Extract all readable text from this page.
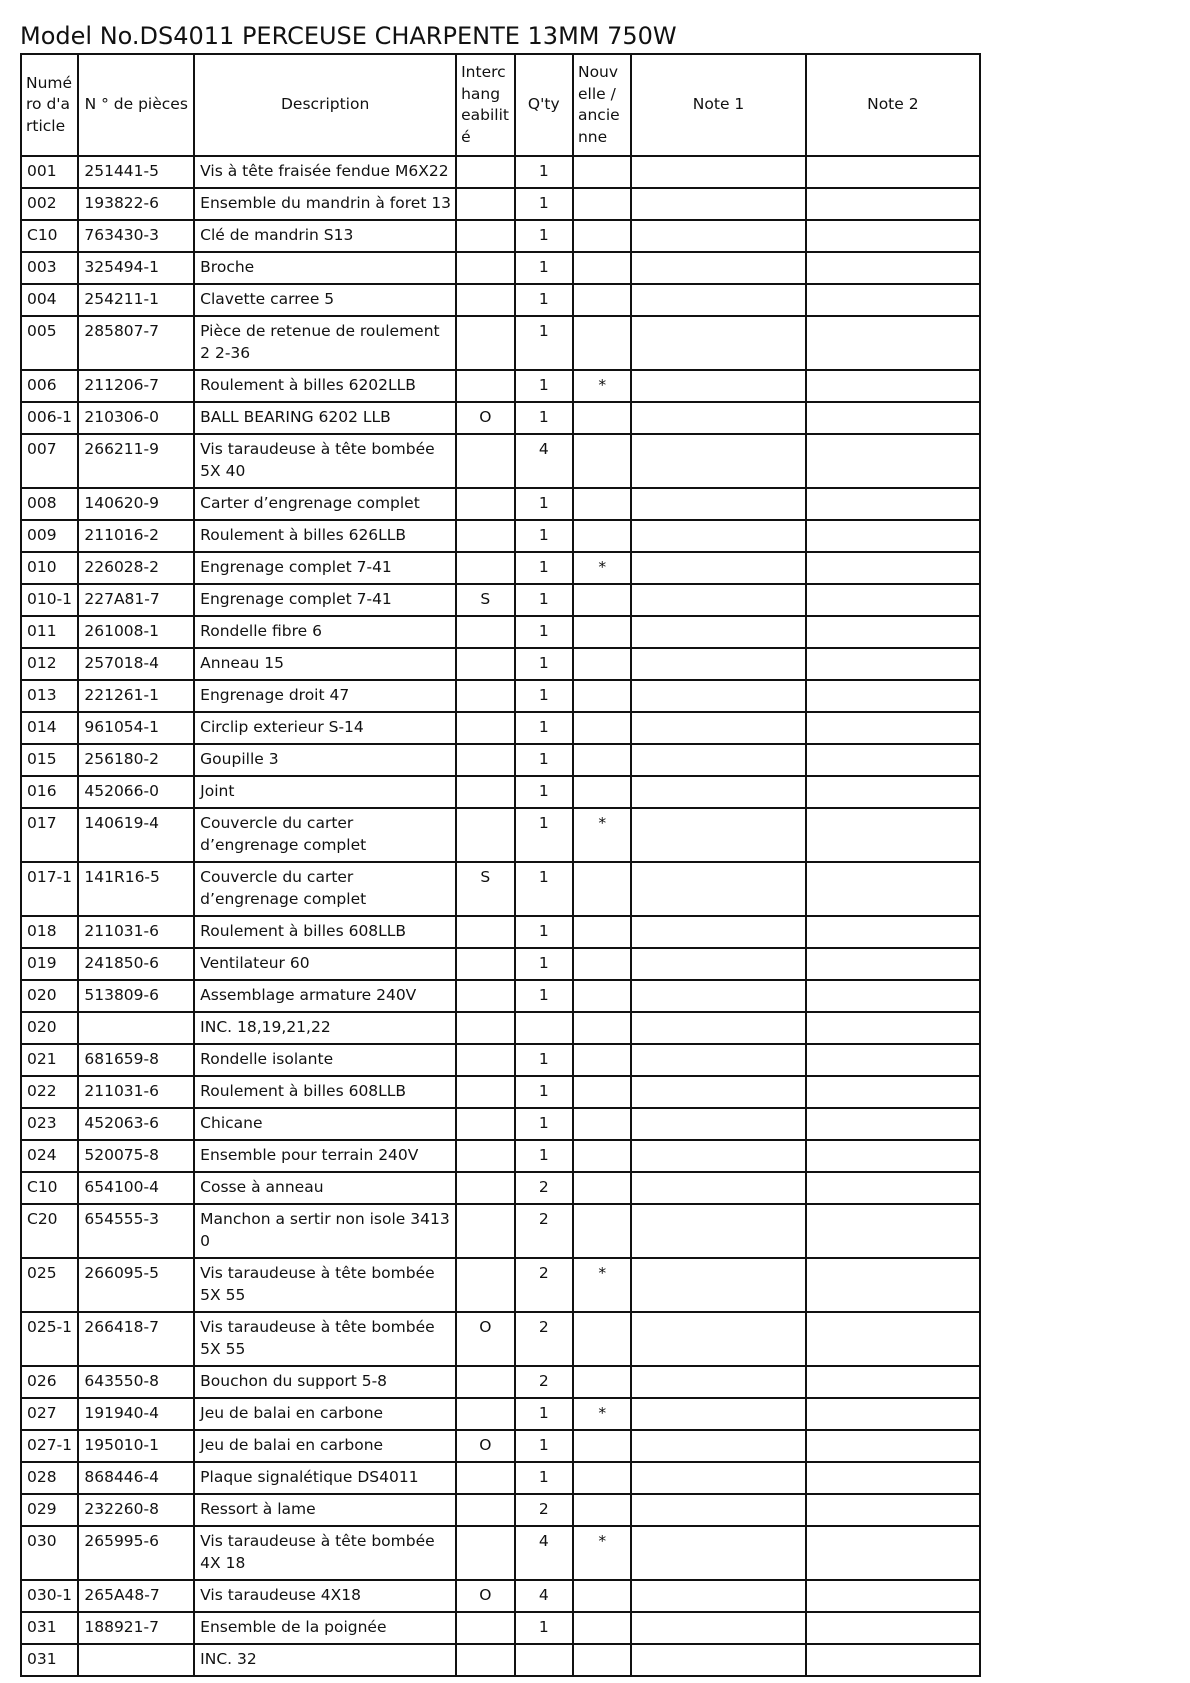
Model No.DS4011 PERCEUSE CHARPENTE 13MM 750W
Numé ro d'a rticle	N ° de pièces	Description	Interc hang eabilit é	Q'ty	Nouv elle / ancie nne	Note 1	Note 2
001	251441-5	Vis à tête fraisée fendue M6X22		1			
002	193822-6	Ensemble du mandrin à foret 13		1			
C10	763430-3	Clé de mandrin S13		1			
003	325494-1	Broche		1			
004	254211-1	Clavette carree 5		1			
005	285807-7	Pièce de retenue de roulement 2 2-36		1			
006	211206-7	Roulement à billes 6202LLB		1	*		
006-1	210306-0	BALL BEARING 6202 LLB	O	1			
007	266211-9	Vis taraudeuse à tête bombée 5X 40		4			
008	140620-9	Carter d’engrenage complet		1			
009	211016-2	Roulement à billes 626LLB		1			
010	226028-2	Engrenage complet 7-41		1	*		
010-1	227A81-7	Engrenage complet 7-41	S	1			
011	261008-1	Rondelle fibre 6		1			
012	257018-4	Anneau 15		1			
013	221261-1	Engrenage droit 47		1			
014	961054-1	Circlip exterieur S-14		1			
015	256180-2	Goupille 3		1			
016	452066-0	Joint		1			
017	140619-4	Couvercle du carter d’engrenage complet		1	*		
017-1	141R16-5	Couvercle du carter d’engrenage complet	S	1			
018	211031-6	Roulement à billes 608LLB		1			
019	241850-6	Ventilateur 60		1			
020	513809-6	Assemblage armature 240V		1			
020		INC. 18,19,21,22					
021	681659-8	Rondelle isolante		1			
022	211031-6	Roulement à billes 608LLB		1			
023	452063-6	Chicane		1			
024	520075-8	Ensemble pour terrain 240V		1			
C10	654100-4	Cosse à anneau		2			
C20	654555-3	Manchon a sertir non isole 3413 0		2			
025	266095-5	Vis taraudeuse à tête bombée 5X 55		2	*		
025-1	266418-7	Vis taraudeuse à tête bombée 5X 55	O	2			
026	643550-8	Bouchon du support 5-8		2			
027	191940-4	Jeu de balai en carbone		1	*		
027-1	195010-1	Jeu de balai en carbone	O	1			
028	868446-4	Plaque signalétique DS4011		1			
029	232260-8	Ressort à lame		2			
030	265995-6	Vis taraudeuse à tête bombée 4X 18		4	*		
030-1	265A48-7	Vis taraudeuse 4X18	O	4			
031	188921-7	Ensemble de la poignée		1			
031		INC. 32					
